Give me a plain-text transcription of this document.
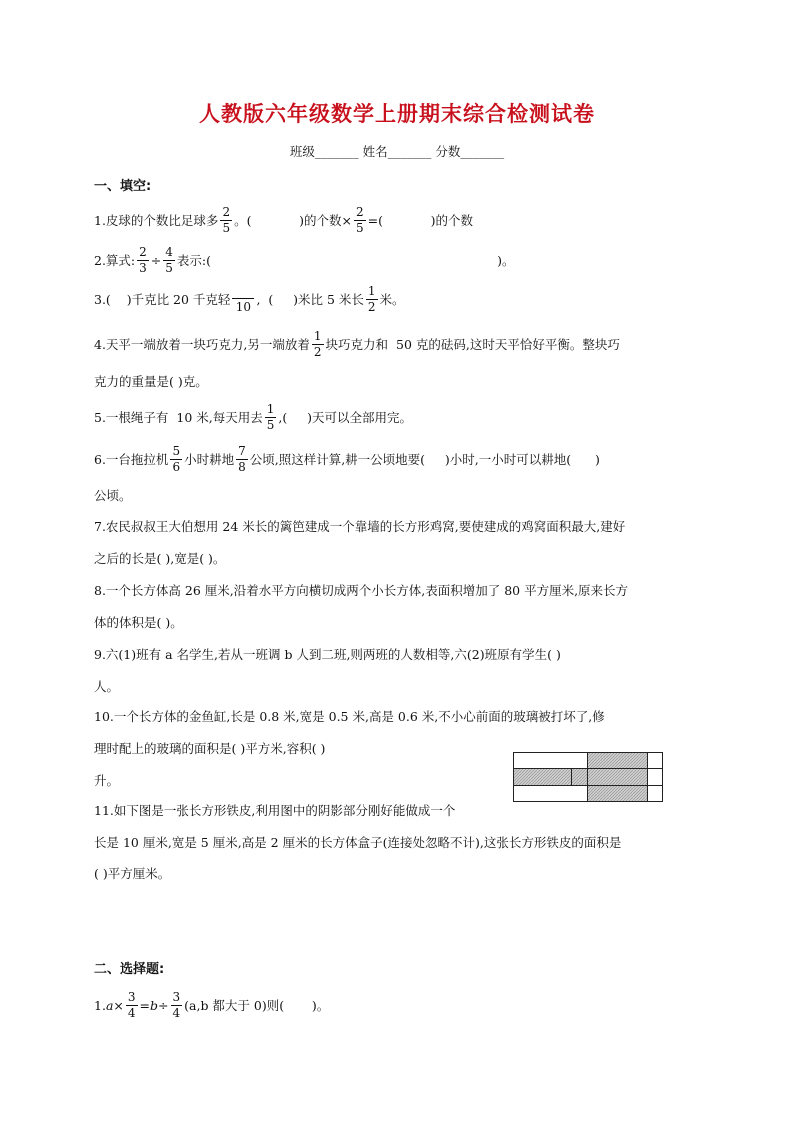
人教版六年级数学上册期末综合检测试卷
班级_______ 姓名_______ 分数_______
一、填空:
1.皮球的个数比足球多 $\frac{2}{5}$ 。(            )的个数× $\frac{2}{5}$ =(            )的个数
2.算式: $\frac{2}{3} \div \frac{4}{5}$ 表示:(                                                                        )。
3.(    )千克比 20 千克轻
10
,  (     )米比 5 米长 $\frac{1}{2}$ 米。
4.天平一端放着一块巧克力,另一端放着 $\frac{1}{2}$ 块巧克力和  50 克的砝码,这时天平恰好平衡。整块巧
克力的重量是( )克。
5.一根绳子有  10 米,每天用去 $\frac{1}{5}$ ,(     )天可以全部用完。
6.一台拖拉机 $\frac{5}{6}$ 小时耕地 $\frac{7}{8}$ 公顷,照这样计算,耕一公顷地要(     )小时,一小时可以耕地(      )
公顷。
7.农民叔叔王大伯想用 24 米长的篱笆建成一个靠墙的长方形鸡窝,要使建成的鸡窝面积最大,建好
之后的长是( ),宽是( )。
8.一个长方体高 26 厘米,沿着水平方向横切成两个小长方体,表面积增加了 80 平方厘米,原来长方
体的体积是( )。
9.六(1)班有 a 名学生,若从一班调 b 人到二班,则两班的人数相等,六(2)班原有学生( )
人。
10.一个长方体的金鱼缸,长是 0.8 米,宽是 0.5 米,高是 0.6 米,不小心前面的玻璃被打坏了,修
理时配上的玻璃的面积是( )平方米,容积( )
升。
11.如下图是一张长方形铁皮,利用图中的阴影部分刚好能做成一个
长是 10 厘米,宽是 5 厘米,高是 2 厘米的长方体盒子(连接处忽略不计),这张长方形铁皮的面积是
( )平方厘米。
二、选择题:
1. $a \times \frac{3}{4} = b \div \frac{3}{4} (a,b$ 都大于 0)则(       )。
